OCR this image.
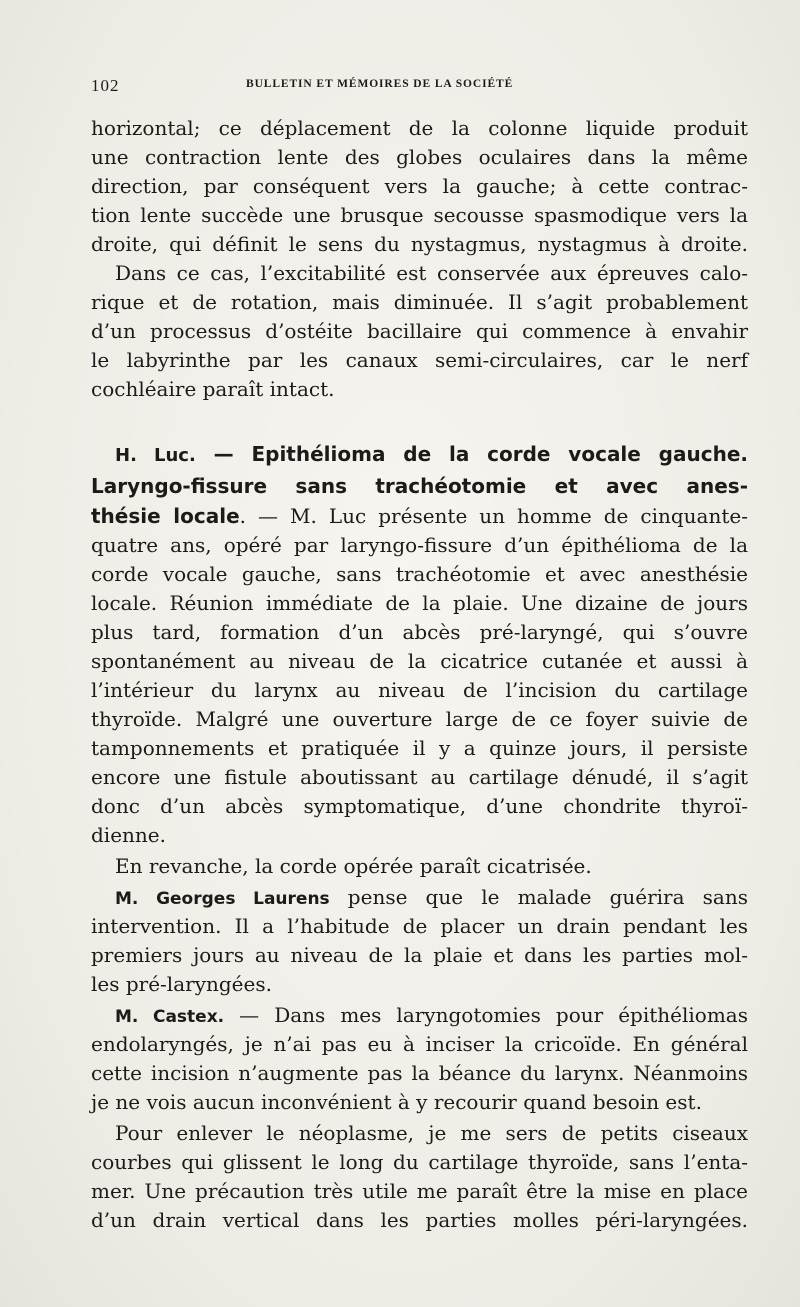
102	BULLETIN ET MÉMOIRES DE LA SOCIÉTÉ
horizontal; ce déplacement de la colonne liquide produit
une contraction lente des globes oculaires dans la même
direction, par conséquent vers la gauche; à cette contrac-
tion lente succède une brusque secousse spasmodique vers la
droite, qui définit le sens du nystagmus, nystagmus à droite.
Dans ce cas, l’excitabilité est conservée aux épreuves calo-
rique et de rotation, mais diminuée. Il s’agit probablement
d’un processus d’ostéite bacillaire qui commence à envahir
le labyrinthe par les canaux semi-circulaires, car le nerf
cochléaire paraît intact.
H. Luc. — Epithélioma de la corde vocale gauche.
Laryngo-fissure sans trachéotomie et avec anes-
thésie locale. — M. Luc présente un homme de cinquante-
quatre ans, opéré par laryngo-fissure d’un épithélioma de la
corde vocale gauche, sans trachéotomie et avec anesthésie
locale. Réunion immédiate de la plaie. Une dizaine de jours
plus tard, formation d’un abcès pré-laryngé, qui s’ouvre
spontanément au niveau de la cicatrice cutanée et aussi à
l’intérieur du larynx au niveau de l’incision du cartilage
thyroïde. Malgré une ouverture large de ce foyer suivie de
tamponnements et pratiquée il y a quinze jours, il persiste
encore une fistule aboutissant au cartilage dénudé, il s’agit
donc d’un abcès symptomatique, d’une chondrite thyroï-
dienne.
En revanche, la corde opérée paraît cicatrisée.
M. Georges Laurens pense que le malade guérira sans
intervention. Il a l’habitude de placer un drain pendant les
premiers jours au niveau de la plaie et dans les parties mol-
les pré-laryngées.
M. Castex. — Dans mes laryngotomies pour épithéliomas
endolaryngés, je n’ai pas eu à inciser la cricoïde. En général
cette incision n’augmente pas la béance du larynx. Néanmoins
je ne vois aucun inconvénient à y recourir quand besoin est.
Pour enlever le néoplasme, je me sers de petits ciseaux
courbes qui glissent le long du cartilage thyroïde, sans l’entа-
mer. Une précaution très utile me paraît être la mise en place
d’un drain vertical dans les parties molles péri-laryngées.
